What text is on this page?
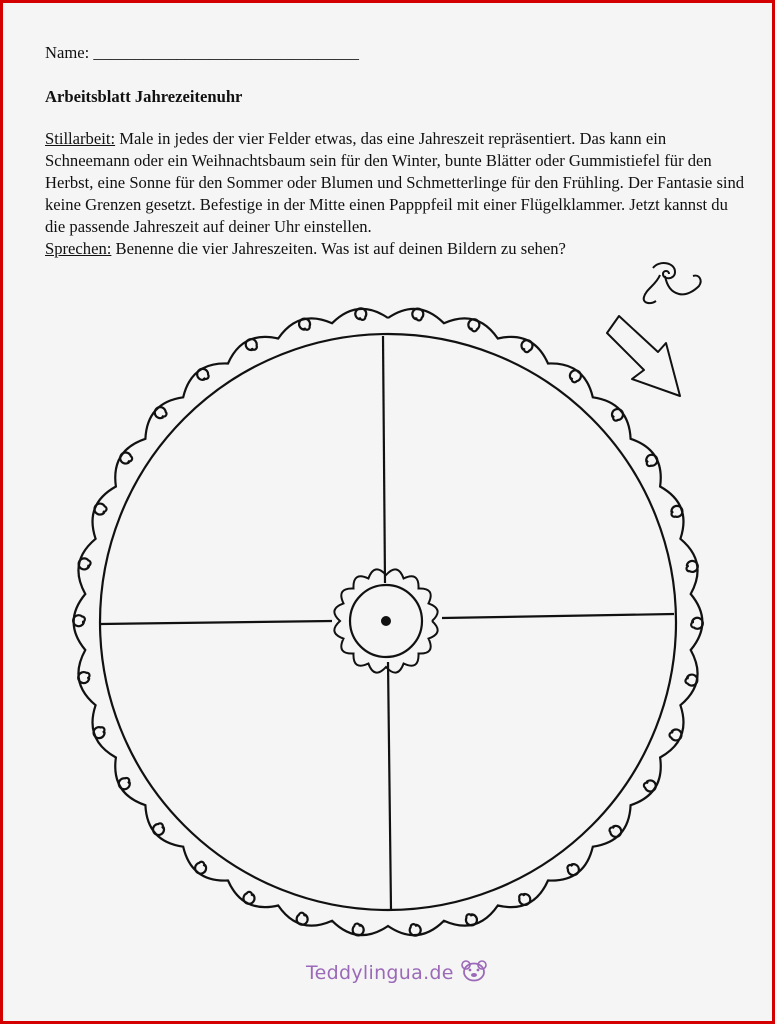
Name: ________________________________

Arbeitsblatt Jahrezeitenuhr

Stillarbeit: Male in jedes der vier Felder etwas, das eine Jahreszeit repräsentiert. Das kann ein Schneemann oder ein Weihnachtsbaum sein für den Winter, bunte Blätter oder Gummistiefel für den Herbst, eine Sonne für den Sommer oder Blumen und Schmetterlinge für den Frühling. Der Fantasie sind keine Grenzen gesetzt. Befestige in der Mitte einen Papppfeil mit einer Flügelklammer. Jetzt kannst du die passende Jahreszeit auf deiner Uhr einstellen.

Sprechen: Benenne die vier Jahreszeiten. Was ist auf deinen Bildern zu sehen?

Teddylingua.de
